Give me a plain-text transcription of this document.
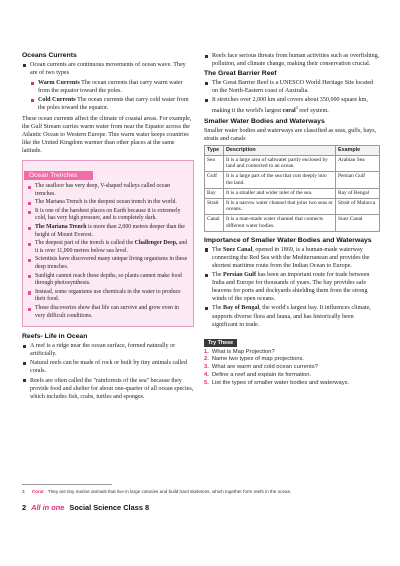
Oceans Currents
Ocean currents are continuous movements of ocean wave. They are of two types
Warm Currents The ocean currents that carry warm water from the equator toward the poles.
Cold Currents The ocean currents that carry cold water from the poles toward the equator.

These ocean currents affect the climate of coastal areas. For example, the Gulf Stream carries warm water from near the Equator across the Atlantic Ocean to Western Europe. This warm water keeps countries like the United Kingdom warmer than other places at the same latitude.

Ocean Trenches
The seafloor has very deep, V-shaped valleys called ocean trenches.
The Mariana Trench is the deepest ocean trench in the world.
It is one of the harshest places on Earth because it is extremely cold, has very high pressure, and is completely dark.
The Mariana Trench is more than 2,000 metres deeper than the height of Mount Everest.
The deepest part of the trench is called the Challenger Deep, and it is over 11,000 metres below sea level.
Scientists have discovered many unique living organisms in these deep trenches.
Sunlight cannot reach these depths, so plants cannot make food through photosynthesis.
Instead, some organisms use chemicals in the water to produce their food.
These discoveries show that life can survive and grow even in very difficult conditions.
Reefs- Life in Ocean
A reef is a ridge near the ocean surface, formed naturally or artificially.
Natural reefs can be made of rock or built by tiny animals called corals.
Reefs are often called the "rainforests of the sea" because they provide food and shelter for about one-quarter of all ocean species, which includes fish, crabs, turtles and sponges.
Reefs face serious threats from human activities such as overfishing, pollution, and climate change, making their conservation crucial.
The Great Barrier Reef
The Great Barrier Reef is a UNESCO World Heritage Site located on the North-Eastern coast of Australia.
It stretches over 2,000 km and covers about 350,000 square km, making it the world's largest coral$^3$ reef system.
Smaller Water Bodies and Waterways

Smaller water bodies and waterways are classified as seas, gulfs, bays, straits and canals

Type	Description	Example
Sea	It is a large area of saltwater partly enclosed by land and connected to an ocean.	Arabian Sea
Gulf	It is a large part of the sea that cuts deeply into the land.	Persian Gulf
Bay	It is a smaller and wider inlet of the sea.	Bay of Bengal
Strait	It is a narrow water channel that joins two seas or oceans.	Strait of Malacca
Canal	It is a man-made water channel that connects different water bodies.	Suez Canal
Importance of Smaller Water Bodies and Waterways
The Suez Canal, opened in 1869, is a human-made waterway connecting the Red Sea with the Mediterranean and provides the shortest maritime route from the Indian Ocean to Europe.
The Persian Gulf has been an important route for trade between India and Europe for thousands of years. The bay provides safe heavens for ports and dockyards shielding them from the strong winds of the open oceans.
The Bay of Bengal, the world's largest bay. It influences climate, supports diverse flora and fauna, and has historically been significant in trade.
Try These
1. What is Map Projection?
2. Name two types of map projections.
3. What are warm and cold ocean currents?
4. Define a reef and explain its formation.
5. List the types of smaller water bodies and waterways.
3 Coral They are tiny marine animals that live in large colonies and build hard skeletons, which together form reefs in the ocean.
2 All in one Social Science Class 8
